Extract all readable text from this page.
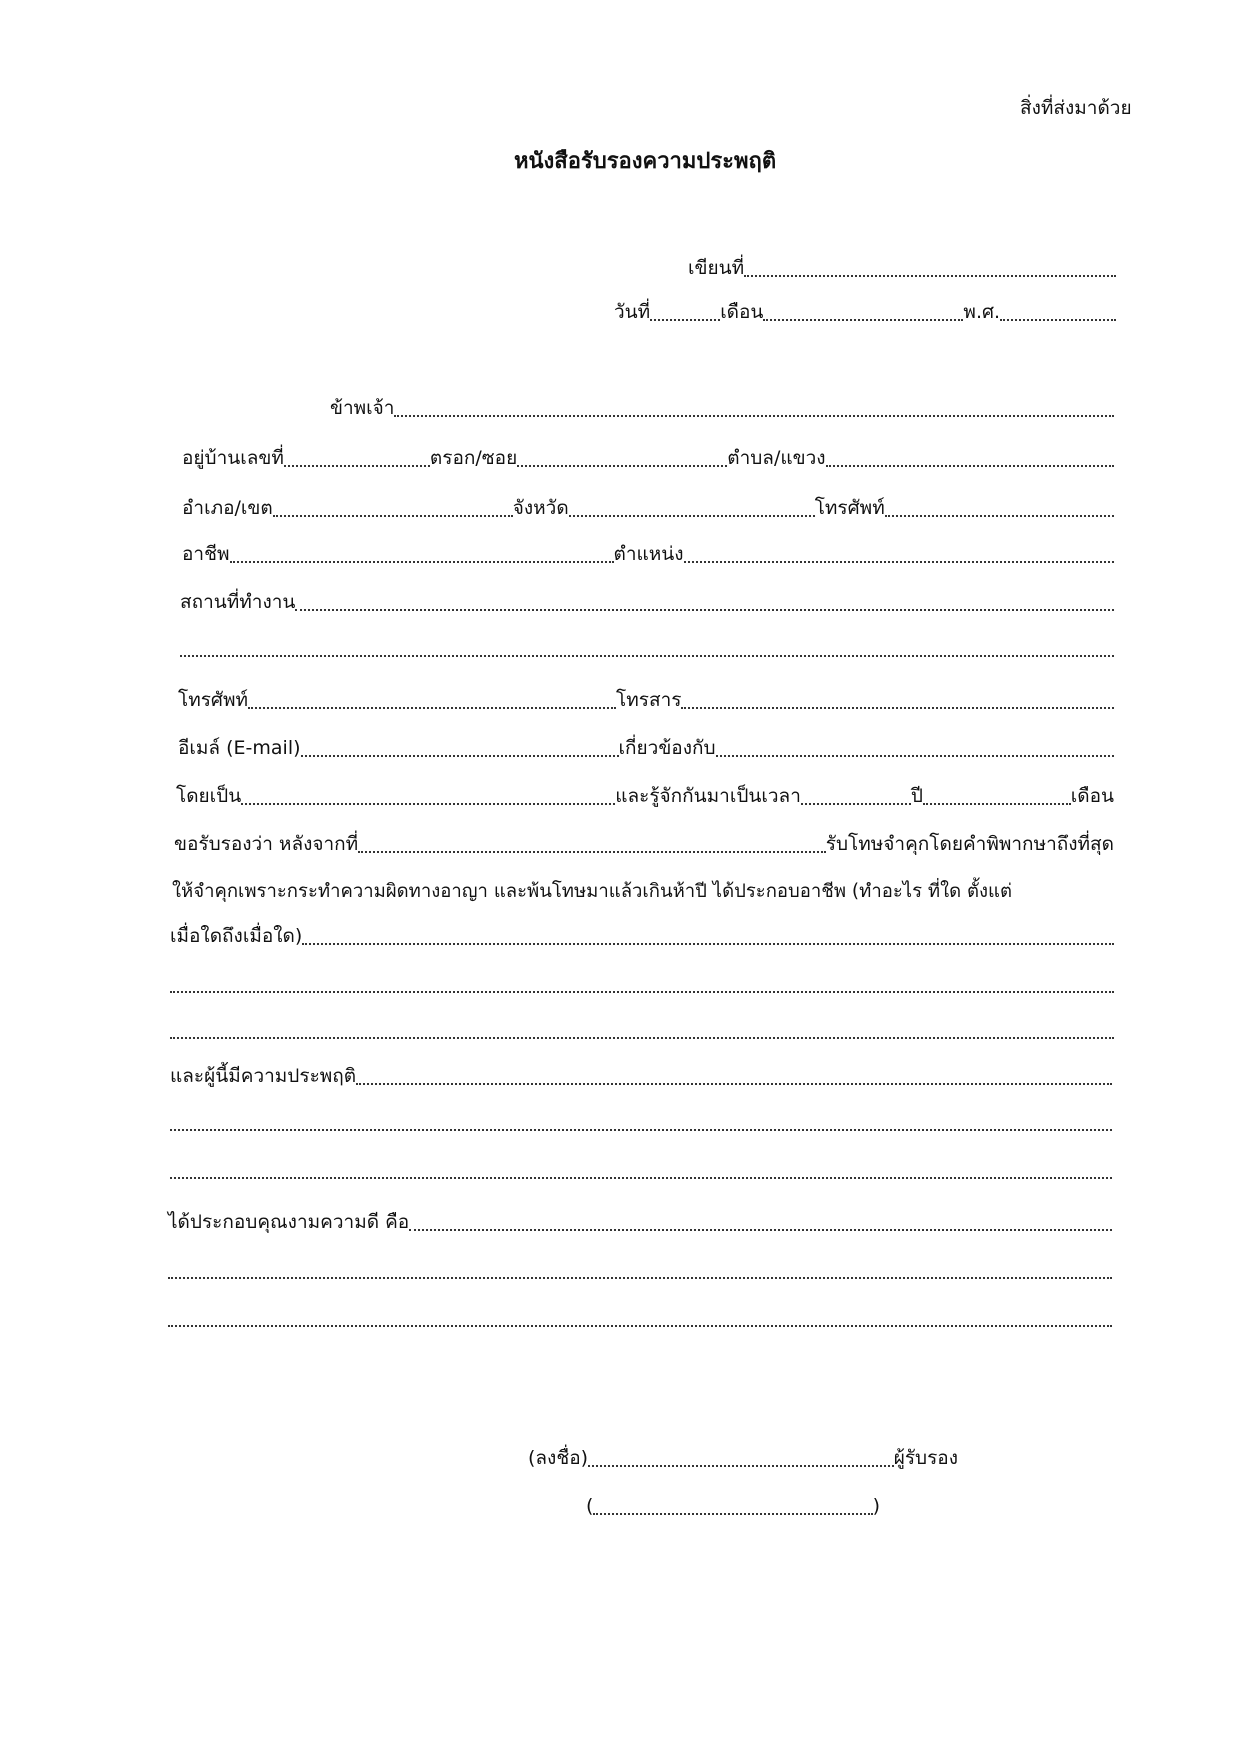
สิ่งที่ส่งมาด้วย
หนังสือรับรองความประพฤติ
เขียนที่
วันที่	เดือน	พ.ศ.
ข้าพเจ้า
อยู่บ้านเลขที่	ตรอก/ซอย	ตำบล/แขวง
อำเภอ/เขต	จังหวัด	โทรศัพท์
อาชีพ	ตำแหน่ง
สถานที่ทำงาน
โทรศัพท์	โทรสาร
อีเมล์ (E-mail)	เกี่ยวข้องกับ
โดยเป็น	และรู้จักกันมาเป็นเวลา	ปี	เดือน
ขอรับรองว่า หลังจากที่	รับโทษจำคุกโดยคำพิพากษาถึงที่สุด
ให้จำคุกเพราะกระทำความผิดทางอาญา และพ้นโทษมาแล้วเกินห้าปี ได้ประกอบอาชีพ (ทำอะไร ที่ใด ตั้งแต่
เมื่อใดถึงเมื่อใด)
และผู้นี้มีความประพฤติ
ได้ประกอบคุณงามความดี คือ
(ลงชื่อ)	ผู้รับรอง
(	)
